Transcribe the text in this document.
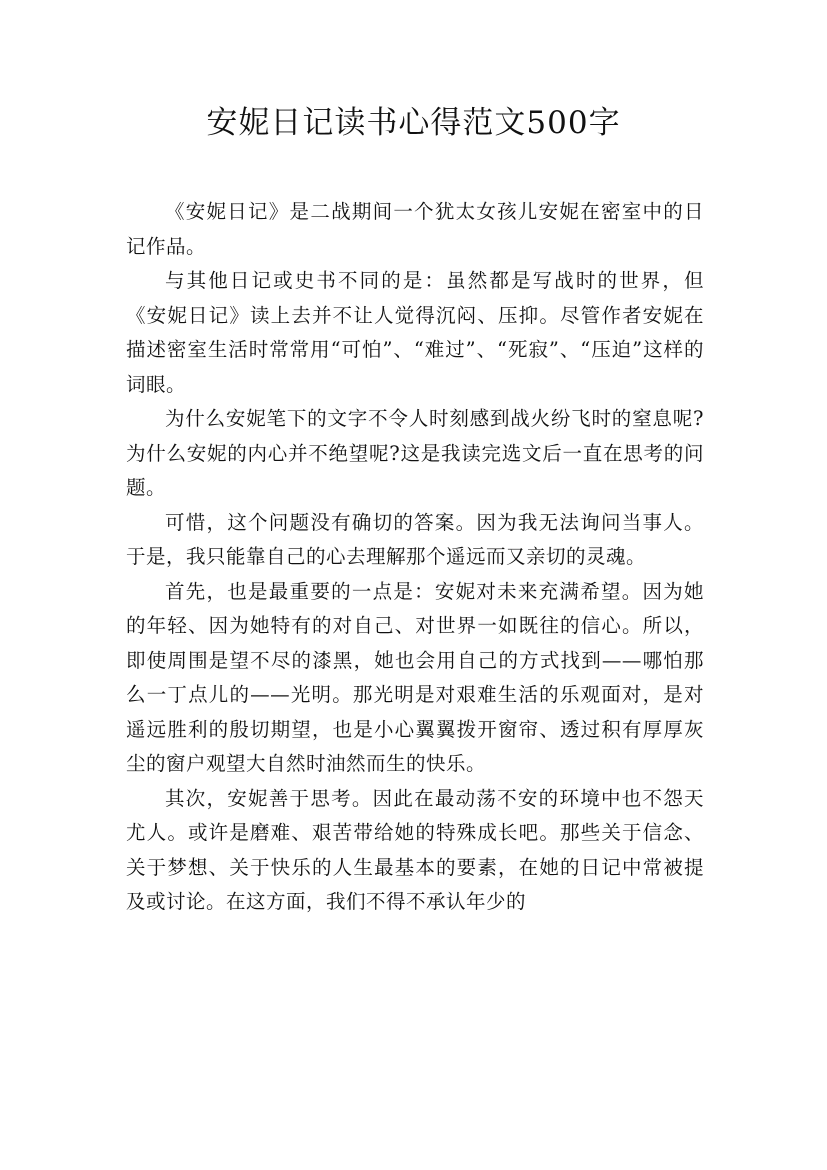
安妮日记读书心得范文500字

《安妮日记》是二战期间一个犹太女孩儿安妮在密室中的日记作品。

与其他日记或史书不同的是：虽然都是写战时的世界，但《安妮日记》读上去并不让人觉得沉闷、压抑。尽管作者安妮在描述密室生活时常常用“可怕”、“难过”、“死寂”、“压迫”这样的词眼。

为什么安妮笔下的文字不令人时刻感到战火纷飞时的窒息呢?为什么安妮的内心并不绝望呢?这是我读完选文后一直在思考的问题。

可惜，这个问题没有确切的答案。因为我无法询问当事人。于是，我只能靠自己的心去理解那个遥远而又亲切的灵魂。

首先，也是最重要的一点是：安妮对未来充满希望。因为她的年轻、因为她特有的对自己、对世界一如既往的信心。所以，即使周围是望不尽的漆黑，她也会用自己的方式找到——哪怕那么一丁点儿的——光明。那光明是对艰难生活的乐观面对，是对遥远胜利的殷切期望，也是小心翼翼拨开窗帘、透过积有厚厚灰尘的窗户观望大自然时油然而生的快乐。

其次，安妮善于思考。因此在最动荡不安的环境中也不怨天尤人。或许是磨难、艰苦带给她的特殊成长吧。那些关于信念、关于梦想、关于快乐的人生最基本的要素，在她的日记中常被提及或讨论。在这方面，我们不得不承认年少的
